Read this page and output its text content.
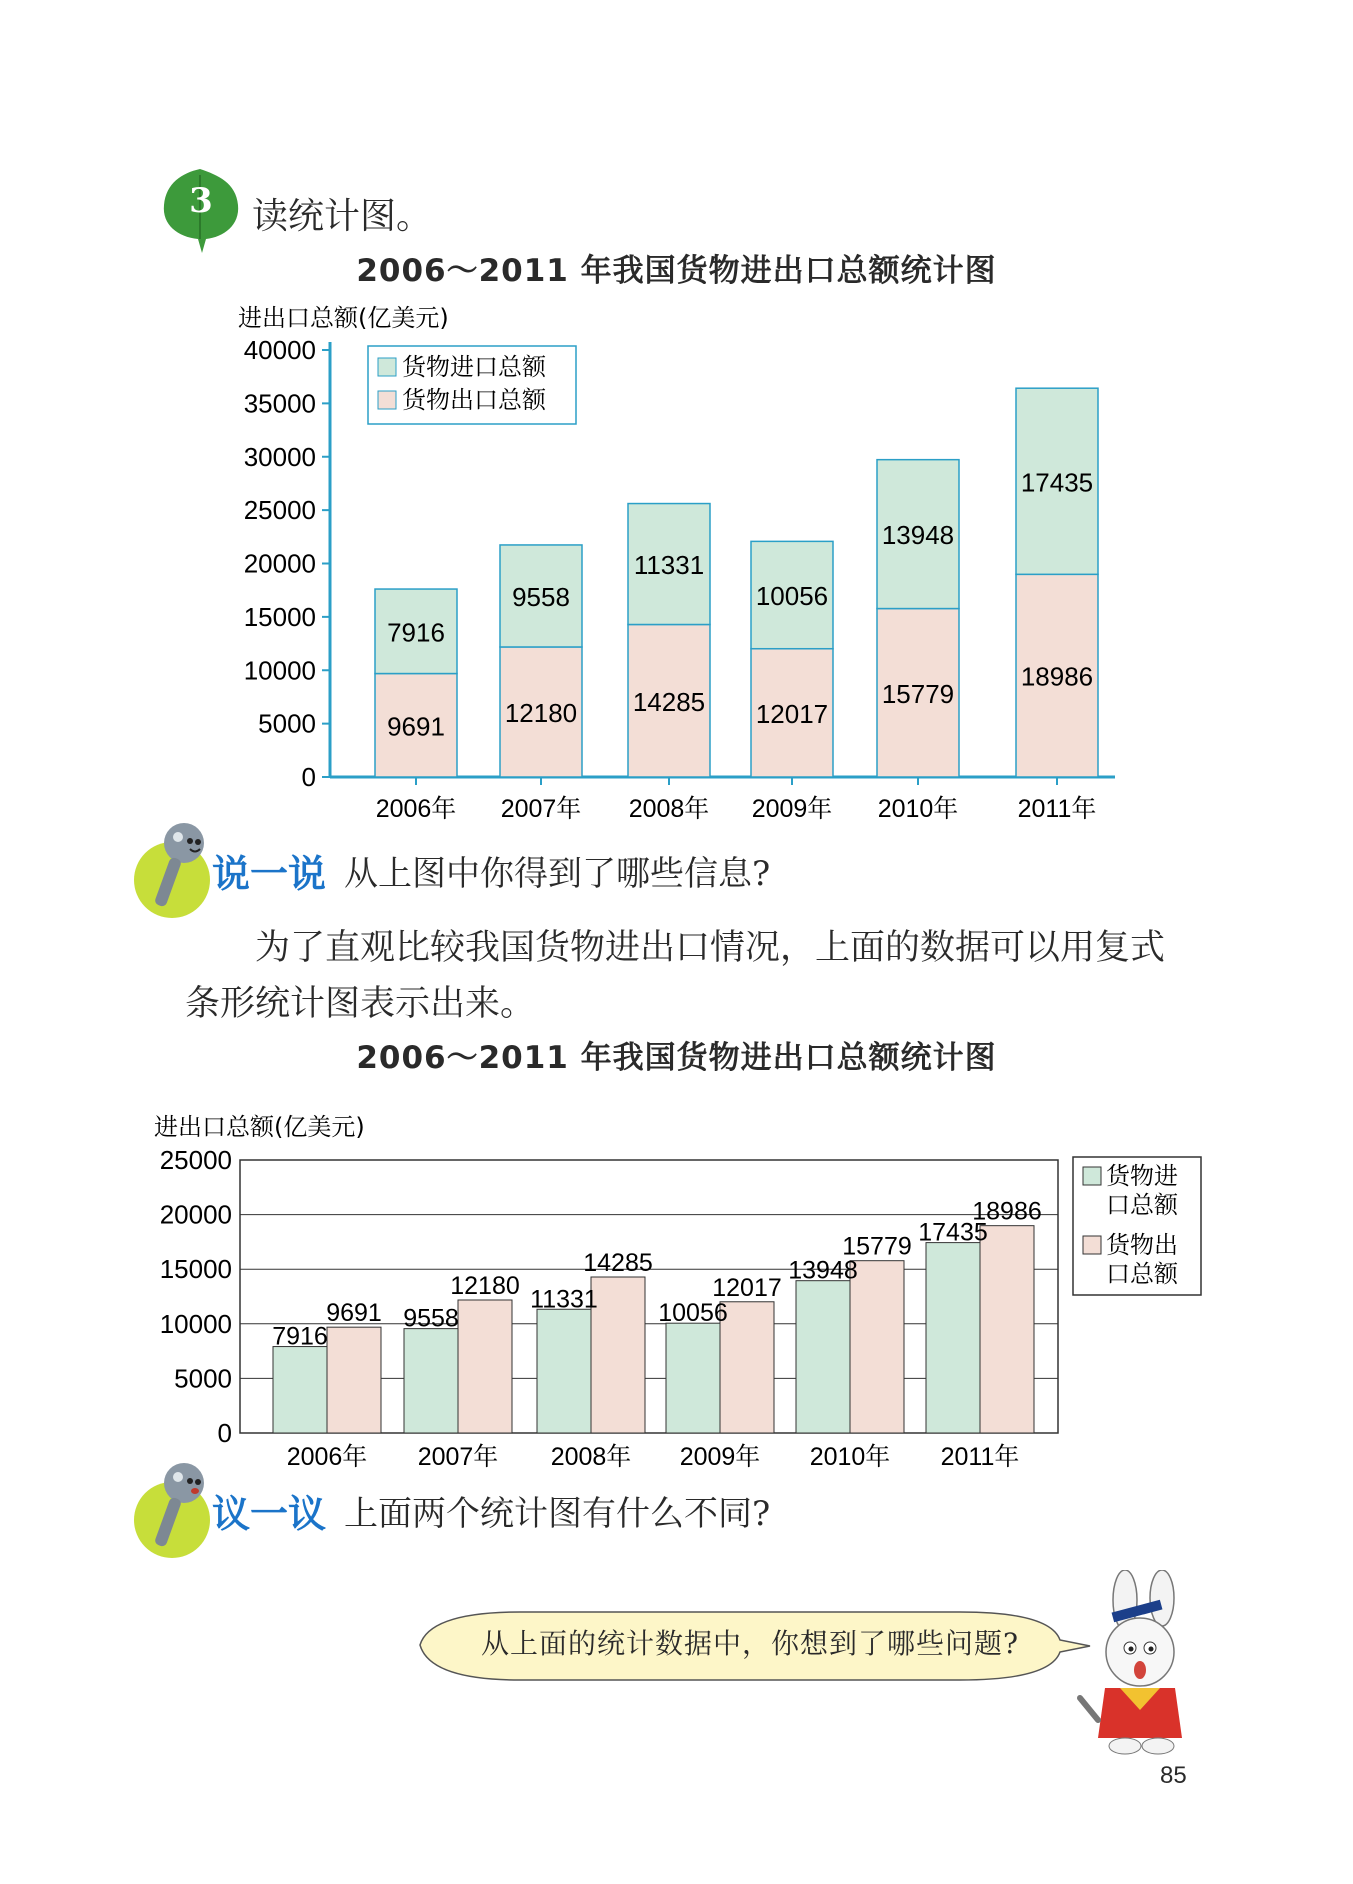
3 读统计图。
2006～2011 年我国货物进出口总额统计图
进出口总额(亿美元)
0
5000
10000
15000
20000
25000
30000
35000
40000
9691
7916
2006年
12180
9558
2007年
14285
11331
2008年
12017
10056
2009年
15779
13948
2010年
18986
17435
2011年
货物进口总额
货物出口总额
说一说 从上图中你得到了哪些信息?
为了直观比较我国货物进出口情况，上面的数据可以用复式
条形统计图表示出来。
2006～2011 年我国货物进出口总额统计图
进出口总额(亿美元)
0
5000
10000
15000
20000
25000
7916
9691
2006年
9558
12180
2007年
11331
14285
2008年
10056
12017
2009年
13948
15779
2010年
17435
18986
2011年
货物进
口总额
货物出
口总额
议一议 上面两个统计图有什么不同?
从上面的统计数据中，你想到了哪些问题?
85
